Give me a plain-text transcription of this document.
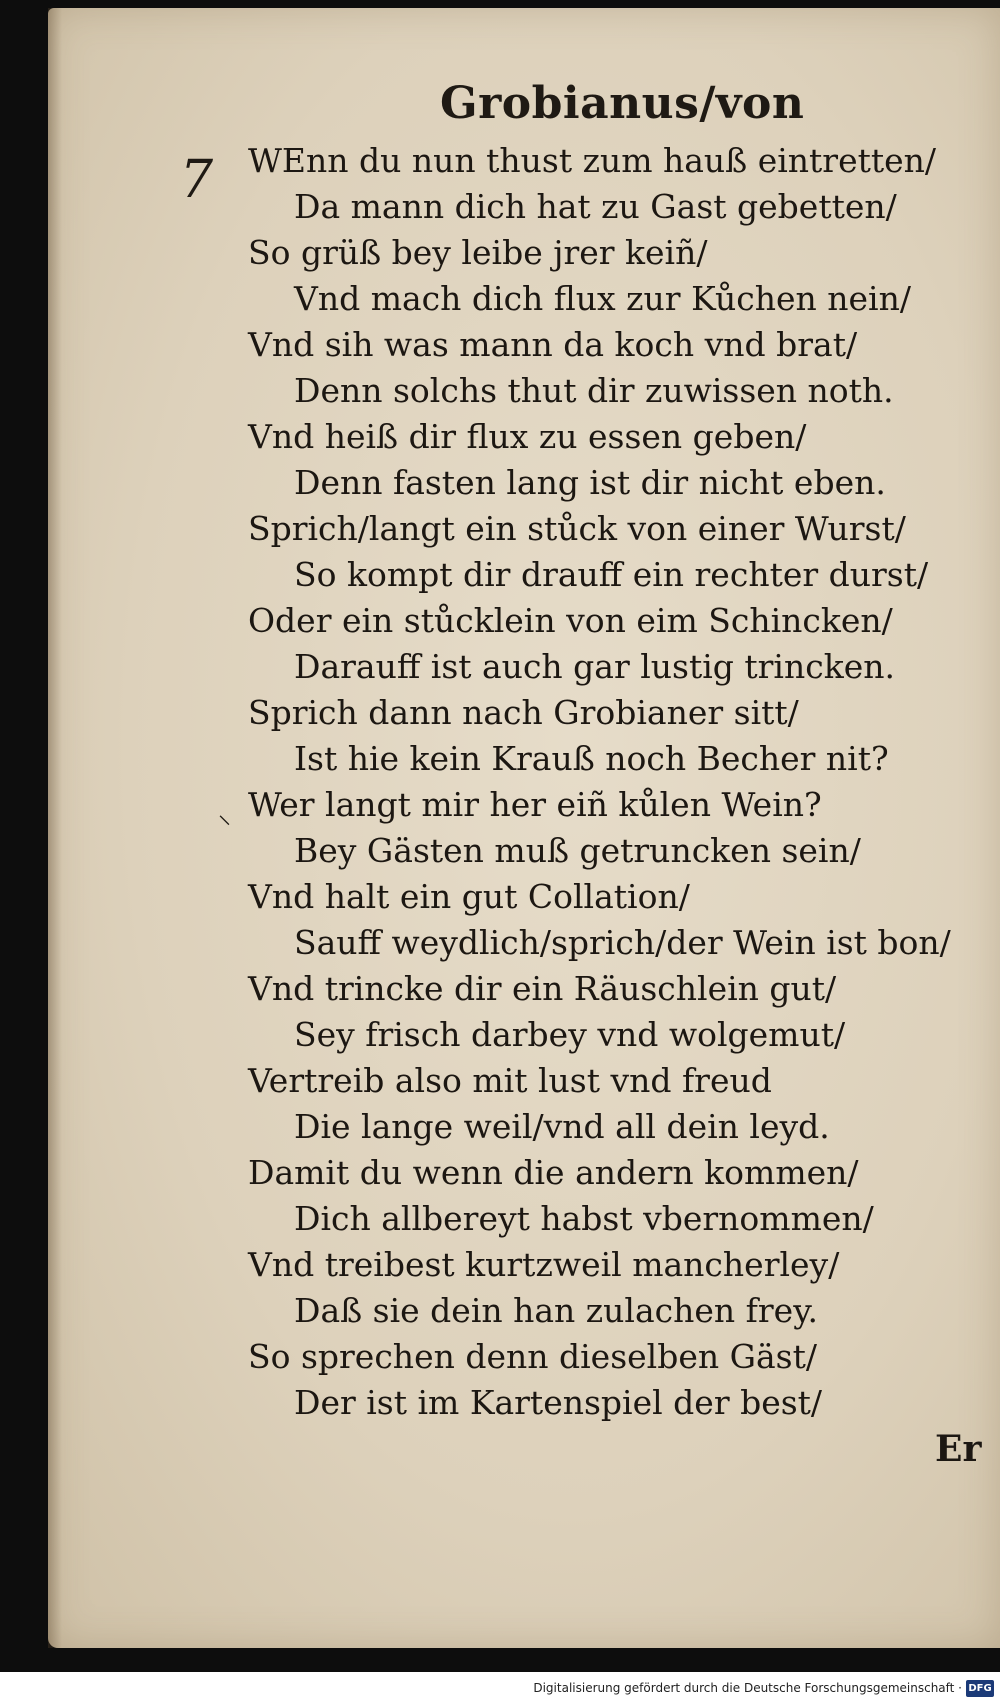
Grobianus/von
7
⸜
WEnn du nun thust zum hauß eintretten/
Da mann dich hat zu Gast gebetten/
So grüß bey leibe jrer keiñ/
Vnd mach dich flux zur Kůchen nein/
Vnd sih was mann da koch vnd brat/
Denn solchs thut dir zuwissen noth.
Vnd heiß dir flux zu essen geben/
Denn fasten lang ist dir nicht eben.
Sprich/langt ein stůck von einer Wurst/
So kompt dir drauff ein rechter durst/
Oder ein stůcklein von eim Schincken/
Darauff ist auch gar lustig trincken.
Sprich dann nach Grobianer sitt/
Ist hie kein Krauß noch Becher nit?
Wer langt mir her eiñ kůlen Wein?
Bey Gästen muß getruncken sein/
Vnd halt ein gut Collation/
Sauff weydlich/sprich/der Wein ist bon/
Vnd trincke dir ein Räuschlein gut/
Sey frisch darbey vnd wolgemut/
Vertreib also mit lust vnd freud
Die lange weil/vnd all dein leyd.
Damit du wenn die andern kommen/
Dich allbereyt habst vbernommen/
Vnd treibest kurtzweil mancherley/
Daß sie dein han zulachen frey.
So sprechen denn dieselben Gäst/
Der ist im Kartenspiel der best/
Er
Digitalisierung gefördert durch die Deutsche Forschungsgemeinschaft · DFG
